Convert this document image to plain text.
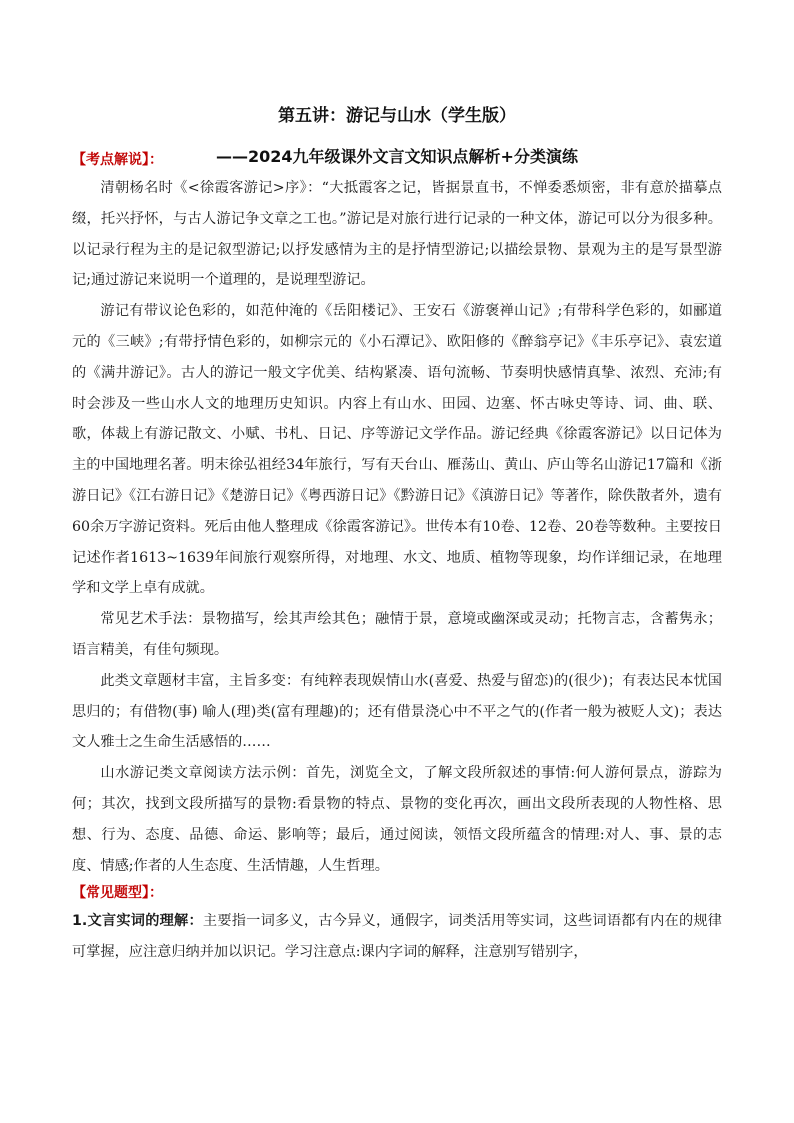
第五讲：游记与山水（学生版）
——2024九年级课外文言文知识点解析+分类演练
【考点解说】：

清朝杨名时《<徐霞客游记>序》：“大抵霞客之记，皆据景直书，不惮委悉烦密，非有意於描摹点缀，托兴抒怀，与古人游记争文章之工也。”游记是对旅行进行记录的一种文体，游记可以分为很多种。以记录行程为主的是记叙型游记;以抒发感情为主的是抒情型游记;以描绘景物、景观为主的是写景型游记;通过游记来说明一个道理的，是说理型游记。

游记有带议论色彩的，如范仲淹的《岳阳楼记》、王安石《游褒禅山记》;有带科学色彩的，如郦道元的《三峡》;有带抒情色彩的，如柳宗元的《小石潭记》、欧阳修的《醉翁亭记》《丰乐亭记》、袁宏道的《满井游记》。古人的游记一般文字优美、结构紧凑、语句流畅、节奏明快感情真挚、浓烈、充沛;有时会涉及一些山水人文的地理历史知识。内容上有山水、田园、边塞、怀古咏史等诗、词、曲、联、歌，体裁上有游记散文、小赋、书札、日记、序等游记文学作品。游记经典《徐霞客游记》以日记体为主的中国地理名著。明末徐弘祖经34年旅行，写有天台山、雁荡山、黄山、庐山等名山游记17篇和《浙游日记》《江右游日记》《楚游日记》《粤西游日记》《黔游日记》《滇游日记》等著作，除佚散者外，遗有60余万字游记资料。死后由他人整理成《徐霞客游记》。世传本有10卷、12卷、20卷等数种。主要按日记述作者1613~1639年间旅行观察所得，对地理、水文、地质、植物等现象，均作详细记录，在地理学和文学上卓有成就。

常见艺术手法：景物描写，绘其声绘其色；融情于景，意境或幽深或灵动；托物言志，含蓄隽永；语言精美，有佳句频现。

此类文章题材丰富，主旨多变：有纯粹表现娱情山水(喜爱、热爱与留恋)的(很少)；有表达民本忧国思归的；有借物(事) 喻人(理)类(富有理趣)的；还有借景浇心中不平之气的(作者一般为被贬人文)；表达文人雅士之生命生活感悟的……

山水游记类文章阅读方法示例：首先，浏览全文，了解文段所叙述的事情:何人游何景点，游踪为何；其次，找到文段所描写的景物:看景物的特点、景物的变化再次，画出文段所表现的人物性格、思想、行为、态度、品德、命运、影响等；最后，通过阅读，领悟文段所蕴含的情理:对人、事、景的志度、情感;作者的人生态度、生活情趣，人生哲理。

【常见题型】：

1.文言实词的理解：主要指一词多义，古今异义，通假字，词类活用等实词，这些词语都有内在的规律可掌握，应注意归纳并加以识记。学习注意点:课内字词的解释，注意别写错别字，
